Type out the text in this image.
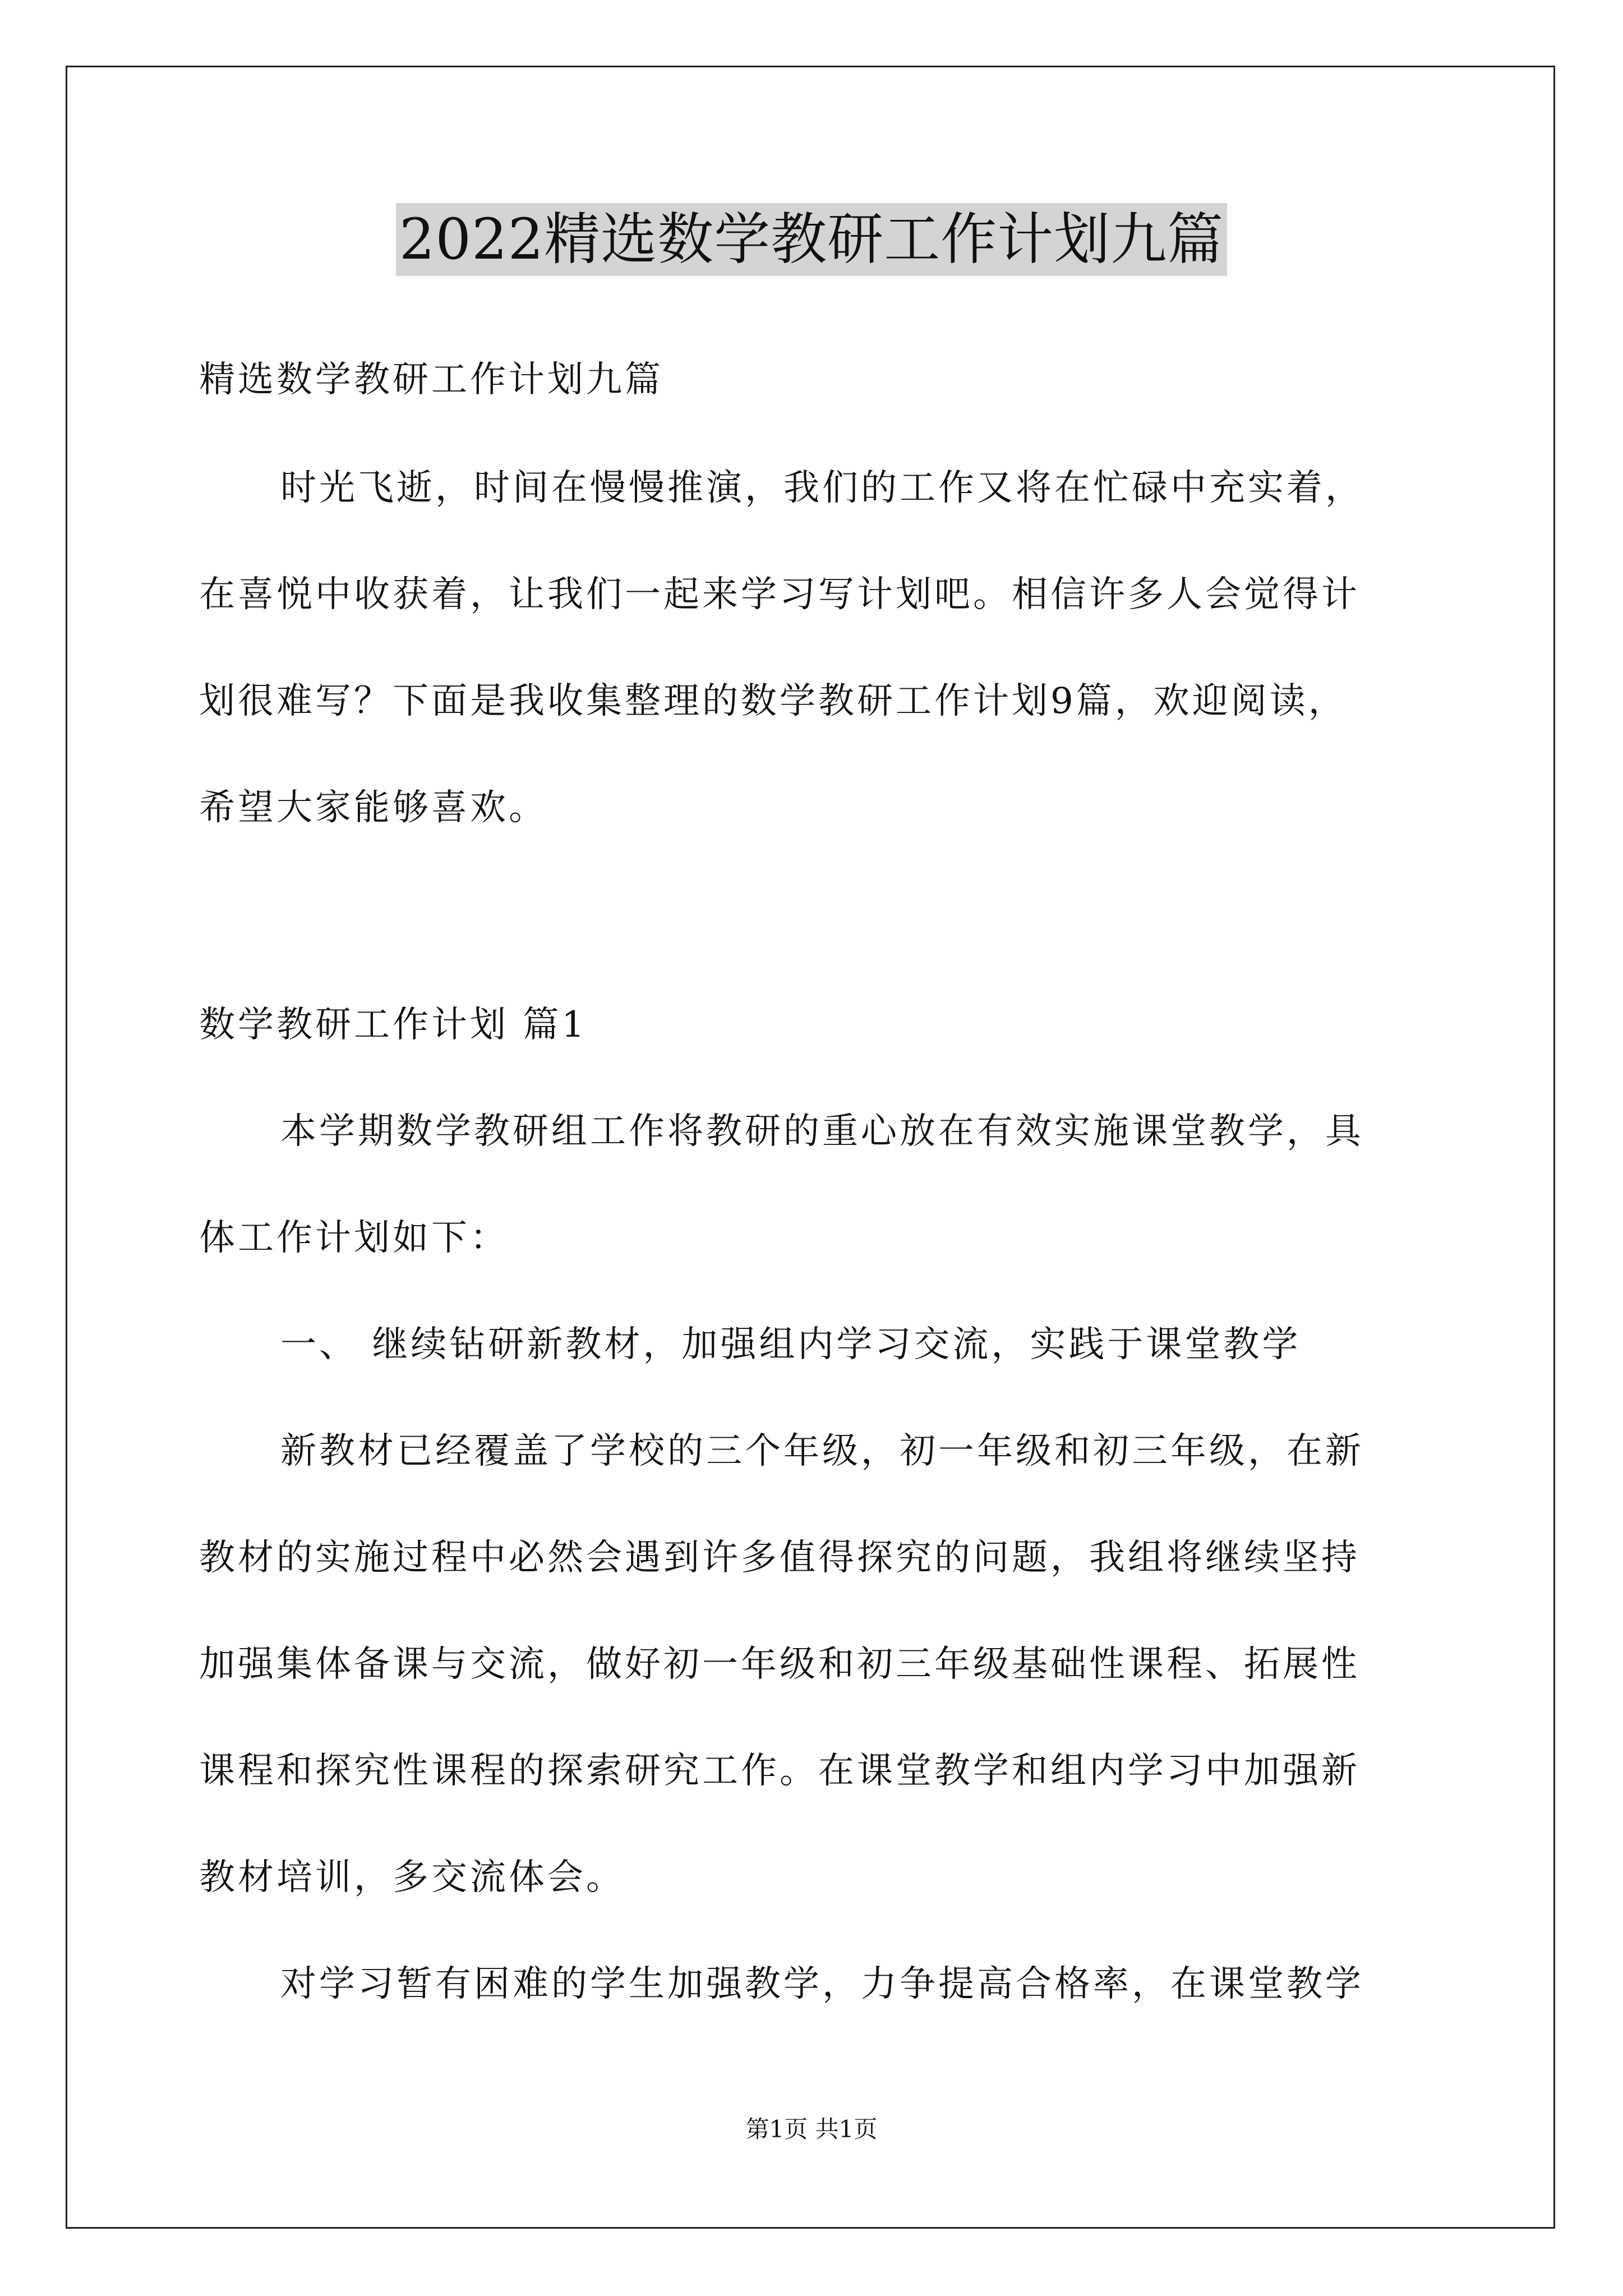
2022精选数学教研工作计划九篇
精选数学教研工作计划九篇
时光飞逝，时间在慢慢推演，我们的工作又将在忙碌中充实着，
在喜悦中收获着，让我们一起来学习写计划吧。相信许多人会觉得计
划很难写？下面是我收集整理的数学教研工作计划9篇，欢迎阅读，
希望大家能够喜欢。
数学教研工作计划 篇1
本学期数学教研组工作将教研的重心放在有效实施课堂教学，具
体工作计划如下：
一、 继续钻研新教材，加强组内学习交流，实践于课堂教学
新教材已经覆盖了学校的三个年级，初一年级和初三年级，在新
教材的实施过程中必然会遇到许多值得探究的问题，我组将继续坚持
加强集体备课与交流，做好初一年级和初三年级基础性课程、拓展性
课程和探究性课程的探索研究工作。在课堂教学和组内学习中加强新
教材培训，多交流体会。
对学习暂有困难的学生加强教学，力争提高合格率，在课堂教学
第1页 共1页
